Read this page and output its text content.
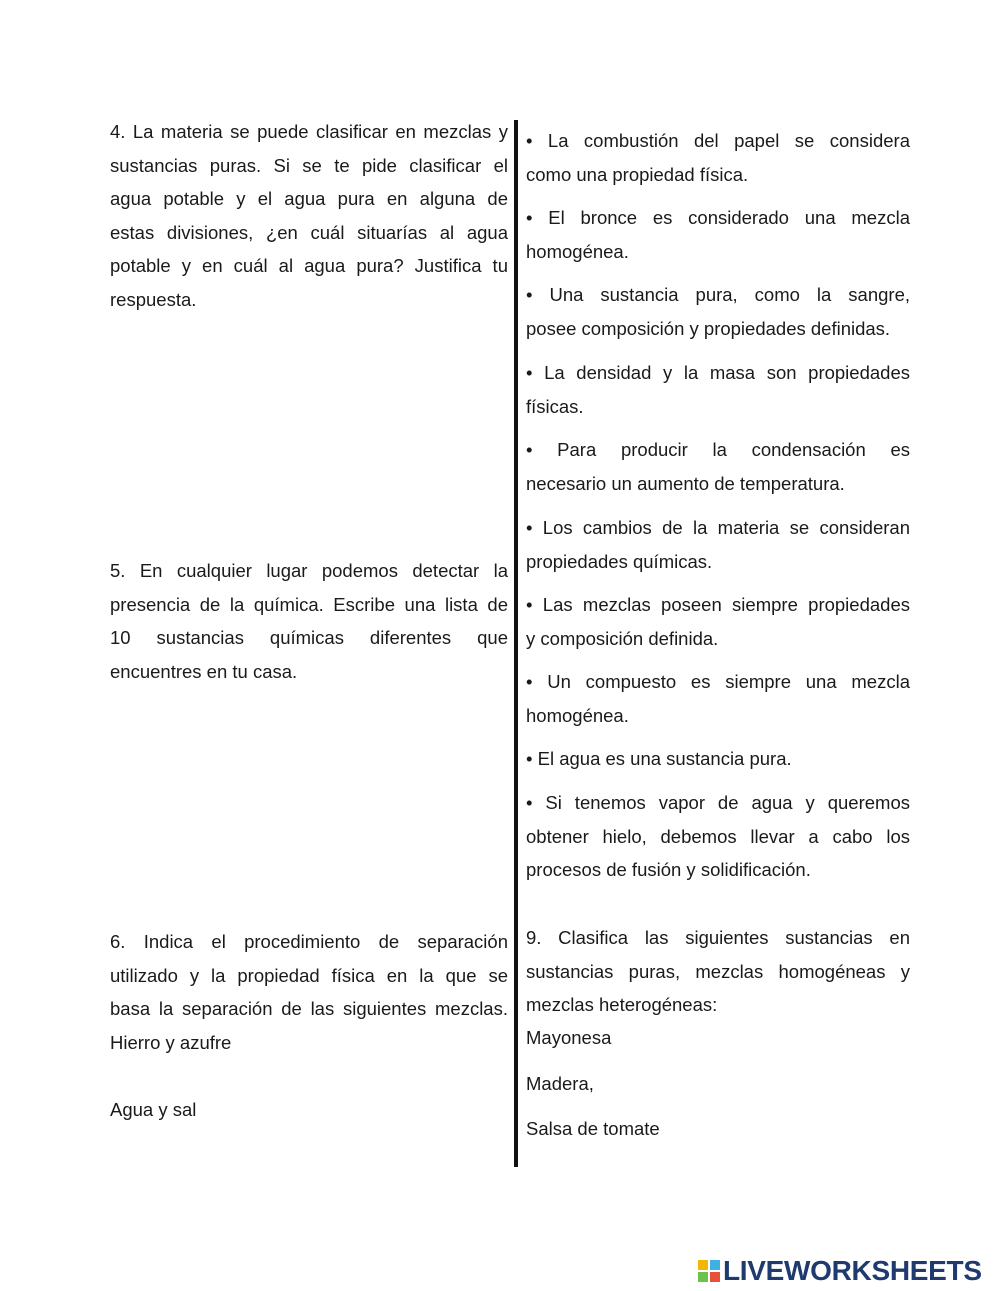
4. La materia se puede clasificar en mezclas y
sustancias puras. Si se te pide clasificar el
agua potable y el agua pura en alguna de
estas divisiones, ¿en cuál situarías al agua
potable y en cuál al agua pura? Justifica tu
respuesta.
5. En cualquier lugar podemos detectar la
presencia de la química. Escribe una lista de
10 sustancias químicas diferentes que
encuentres en tu casa.
6. Indica el procedimiento de separación
utilizado y la propiedad física en la que se
basa la separación de las siguientes mezclas.
Hierro y azufre

Agua y sal

• La combustión del papel se considera
como una propiedad física.
• El bronce es considerado una mezcla
homogénea.
• Una sustancia pura, como la sangre,
posee composición y propiedades definidas.
• La densidad y la masa son propiedades
físicas.
• Para producir la condensación es
necesario un aumento de temperatura.
• Los cambios de la materia se consideran
propiedades químicas.
• Las mezclas poseen siempre propiedades
y composición definida.
• Un compuesto es siempre una mezcla
homogénea.
• El agua es una sustancia pura.
• Si tenemos vapor de agua y queremos
obtener hielo, debemos llevar a cabo los
procesos de fusión y solidificación.
9. Clasifica las siguientes sustancias en
sustancias puras, mezclas homogéneas y
mezclas heterogéneas:

Mayonesa

Madera,

Salsa de tomate

LIVEWORKSHEETS
